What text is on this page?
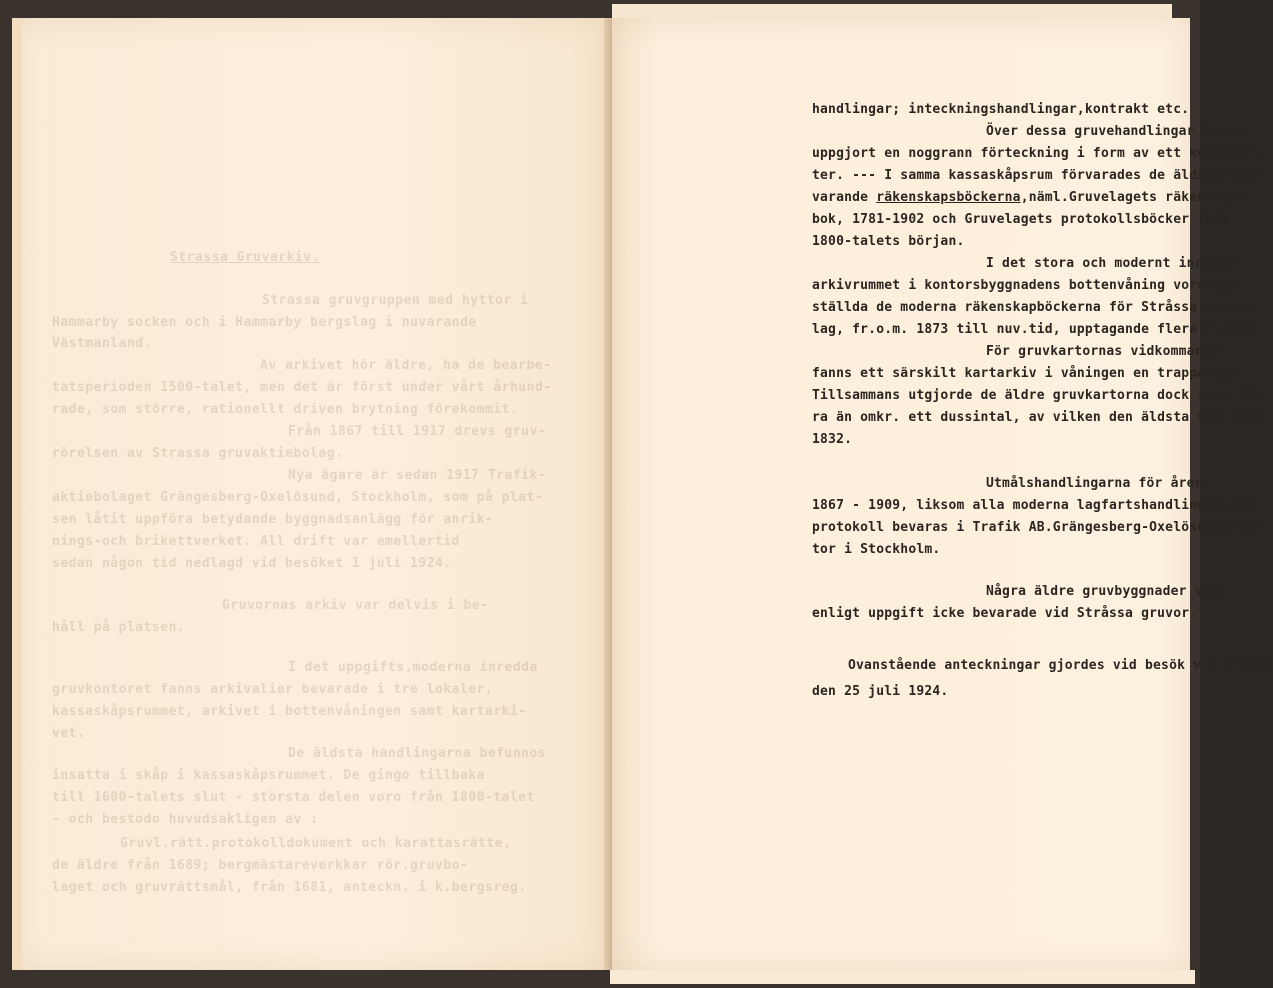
Strassa Gruvarkiv.
Strassa gruvgruppen med hyttor i
Hammarby socken och i Hammarby bergslag i nuvarande
Västmanland.
Av arkivet hör äldre, ha de bearbe-
tatsperioden 1500-talet, men det är först under vårt århund-
rade, som större, rationellt driven brytning förekommit.
Från 1867 till 1917 drevs gruv-
rörelsen av Strassa gruvaktiebolag.
Nya ägare är sedan 1917 Trafik-
aktiebolaget Grängesberg-Oxelösund, Stockholm, som på plat-
sen låtit uppföra betydande byggnadsanlägg för anrik-
nings-och brikettverket. All drift var emellertid
sedan någon tid nedlagd vid besöket 1 juli 1924.
Gruvornas arkiv var delvis i be-
håll på platsen.
I det uppgifts,moderna inredda
gruvkontoret fanns arkivalier bevarade i tre lokaler,
kassaskåpsrummet, arkivet i bottenvåningen samt kartarki-
vet.
De äldsta handlingarna befunnos
insatta i skåp i kassaskåpsrummet. De gingo tillbaka
till 1600-talets slut - största delen voro från 1800-talet
- och bestodo huvudsakligen av :
Gruvl.rätt.protokolldokument och karattasrätte,
de äldre från 1689; bergmästareverkkar rör.gruvbo-
laget och gruvrättsmål, från 1681, anteckn. i k.bergsreg.
handlingar; inteckningshandlingar,kontrakt etc.
Över dessa gruvehandlingar fanns
uppgjort en noggrann förteckning i form av ett kortregis-
ter. --- I samma kassaskåpsrum förvarades de äldsta kvar-
varande räkenskapsböckerna,näml.Gruvelagets räkenskaps-
bok, 1781-1902 och Gruvelagets protokollsböcker från
1800-talets början.
I det stora och modernt inredda
arkivrummet i kontorsbyggnadens bottenvåning voro upp-
ställda de moderna räkenskapböckerna för Stråssa gruvbo-
lag, fr.o.m. 1873 till nuv.tid, upptagande flera hyllor.
För gruvkartornas vidkommande
fanns ett särskilt kartarkiv i våningen en trappa upp.
Tillsammans utgjorde de äldre gruvkartorna dock icke fle-
ra än omkr. ett dussintal, av vilken den äldsta var från
1832.
Utmålshandlingarna för åren
1867 - 1909, liksom alla moderna lagfartshandlingar och
protokoll bevaras i Trafik AB.Grängesberg-Oxelösunds kon-
tor i Stockholm.
Några äldre gruvbyggnader voro
enligt uppgift icke bevarade vid Stråssa gruvor.
Ovanstående anteckningar gjordes vid besök vid Stråss
den 25 juli 1924.
